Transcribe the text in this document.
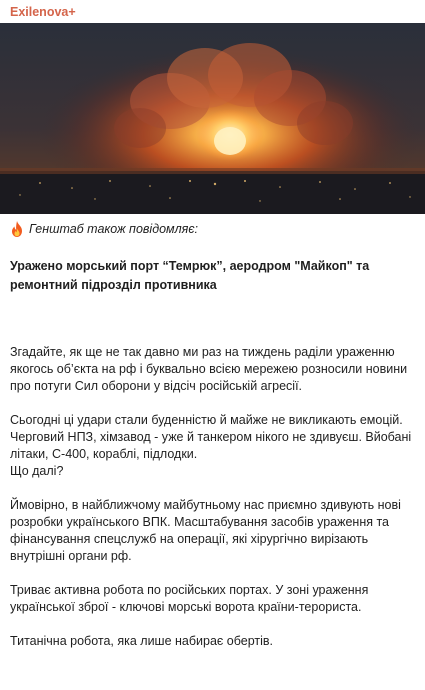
Exilenova+
Генштаб також повідомляє:
Уражено морський порт “Темрюк”, аеродром "Майкоп" та ремонтний підрозділ противника

Згадайте, як ще не так давно ми раз на тиждень раділи ураженню якогось об’єкта на рф і буквально всією мережею розносили новини про потуги Сил оборони у відсіч російській агресії.

Сьогодні ці удари стали буденністю й майже не викликають емоцій. Черговий НПЗ, хімзавод - уже й танкером нікого не здивуєш. Вйобані літаки, С-400, кораблі, підлодки.

Що далі?

Ймовірно, в найближчому майбутньому нас приємно здивують нові розробки українського ВПК. Масштабування засобів ураження та фінансування спецслужб на операції, які хірургічно вирізають внутрішні органи рф.

Триває активна робота по російських портах. У зоні ураження української зброї - ключові морські ворота країни-терориста.

Титанічна робота, яка лише набирає обертів.
